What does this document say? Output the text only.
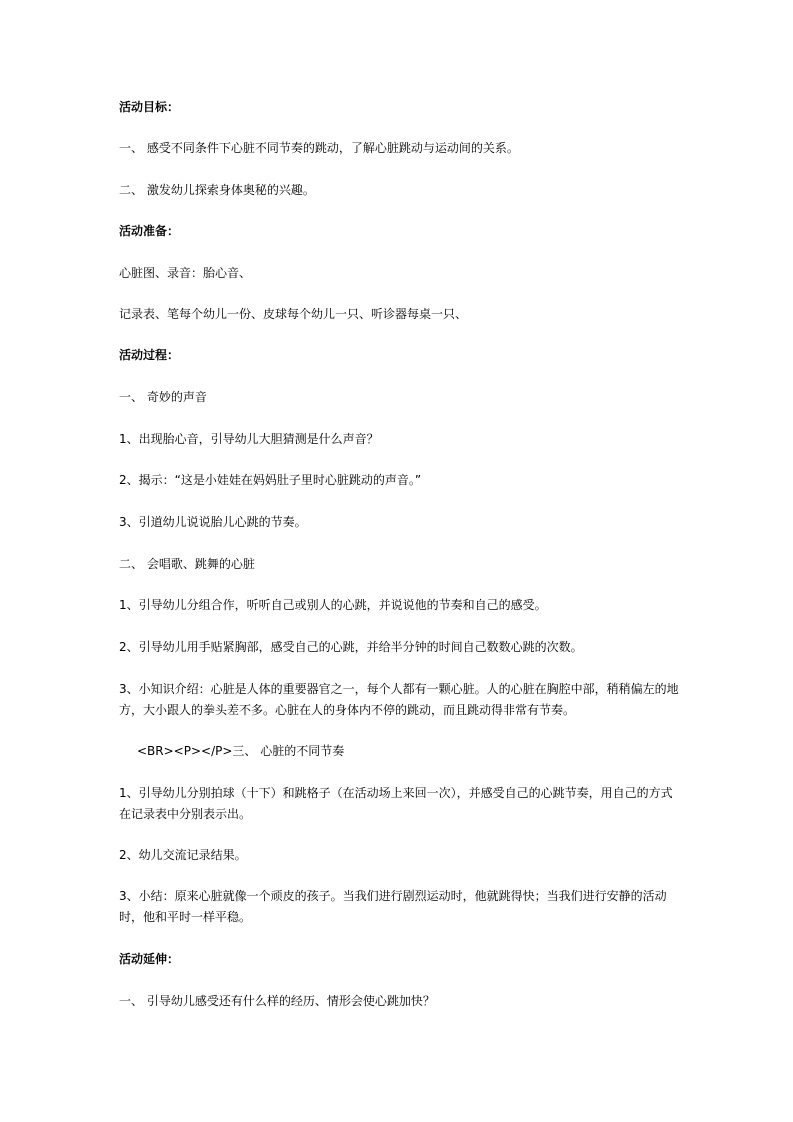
活动目标：
一、 感受不同条件下心脏不同节奏的跳动，了解心脏跳动与运动间的关系。
二、 激发幼儿探索身体奥秘的兴趣。
活动准备：
心脏图、录音：胎心音、
记录表、笔每个幼儿一份、皮球每个幼儿一只、听诊器每桌一只、
活动过程：
一、 奇妙的声音
1、出现胎心音，引导幼儿大胆猜测是什么声音？
2、揭示：“这是小娃娃在妈妈肚子里时心脏跳动的声音。”
3、引道幼儿说说胎儿心跳的节奏。
二、 会唱歌、跳舞的心脏
1、引导幼儿分组合作，听听自己或别人的心跳，并说说他的节奏和自己的感受。
2、引导幼儿用手贴紧胸部，感受自己的心跳，并给半分钟的时间自己数数心跳的次数。
3、小知识介绍：心脏是人体的重要器官之一，每个人都有一颗心脏。人的心脏在胸腔中部，稍稍偏左的地方，大小跟人的拳头差不多。心脏在人的身体内不停的跳动，而且跳动得非常有节奏。
<BR><P></P>三、 心脏的不同节奏
1、引导幼儿分别拍球（十下）和跳格子（在活动场上来回一次），并感受自己的心跳节奏，用自己的方式在记录表中分别表示出。
2、幼儿交流记录结果。
3、小结：原来心脏就像一个顽皮的孩子。当我们进行剧烈运动时，他就跳得快；当我们进行安静的活动时，他和平时一样平稳。
活动延伸：
一、 引导幼儿感受还有什么样的经历、情形会使心跳加快？
